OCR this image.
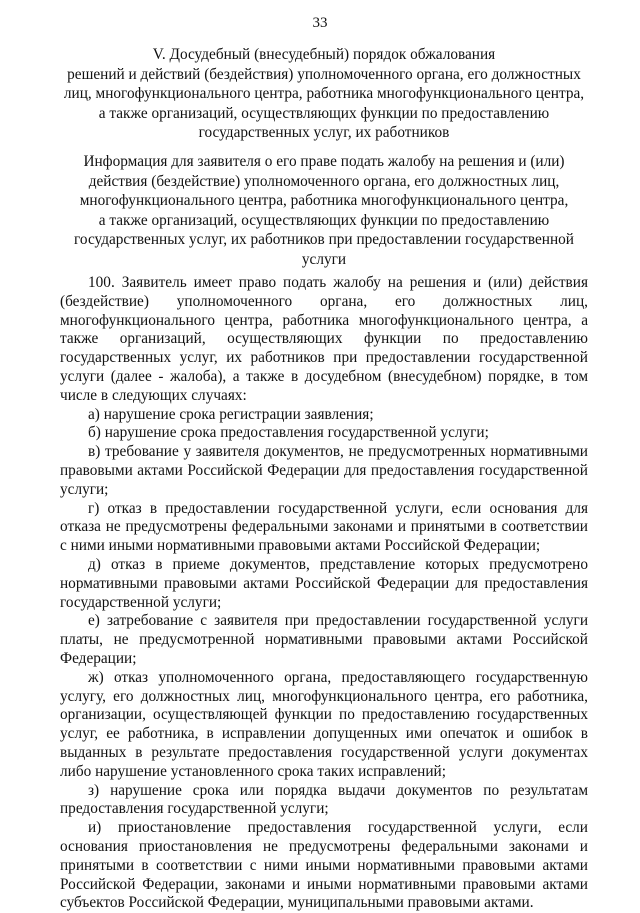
33
V. Досудебный (внесудебный) порядок обжалования
решений и действий (бездействия) уполномоченного органа, его должностных
лиц, многофункционального центра, работника многофункционального центра,
а также организаций, осуществляющих функции по предоставлению
государственных услуг, их работников
Информация для заявителя о его праве подать жалобу на решения и (или)
действия (бездействие) уполномоченного органа, его должностных лиц,
многофункционального центра, работника многофункционального центра,
а также организаций, осуществляющих функции по предоставлению
государственных услуг, их работников при предоставлении государственной
услуги
100. Заявитель имеет право подать жалобу на решения и (или) действия
(бездействие) уполномоченного органа, его должностных лиц,
многофункционального центра, работника многофункционального центра, а
также организаций, осуществляющих функции по предоставлению
государственных услуг, их работников при предоставлении государственной
услуги (далее - жалоба), а также в досудебном (внесудебном) порядке, в том
числе в следующих случаях:
а) нарушение срока регистрации заявления;
б) нарушение срока предоставления государственной услуги;
в) требование у заявителя документов, не предусмотренных нормативными
правовыми актами Российской Федерации для предоставления государственной
услуги;
г) отказ в предоставлении государственной услуги, если основания для
отказа не предусмотрены федеральными законами и принятыми в соответствии
с ними иными нормативными правовыми актами Российской Федерации;
д) отказ в приеме документов, представление которых предусмотрено
нормативными правовыми актами Российской Федерации для предоставления
государственной услуги;
е) затребование с заявителя при предоставлении государственной услуги
платы, не предусмотренной нормативными правовыми актами Российской
Федерации;
ж) отказ уполномоченного органа, предоставляющего государственную
услугу, его должностных лиц, многофункционального центра, его работника,
организации, осуществляющей функции по предоставлению государственных
услуг, ее работника, в исправлении допущенных ими опечаток и ошибок в
выданных в результате предоставления государственной услуги документах
либо нарушение установленного срока таких исправлений;
з) нарушение срока или порядка выдачи документов по результатам
предоставления государственной услуги;
и) приостановление предоставления государственной услуги, если
основания приостановления не предусмотрены федеральными законами и
принятыми в соответствии с ними иными нормативными правовыми актами
Российской Федерации, законами и иными нормативными правовыми актами
субъектов Российской Федерации, муниципальными правовыми актами.
